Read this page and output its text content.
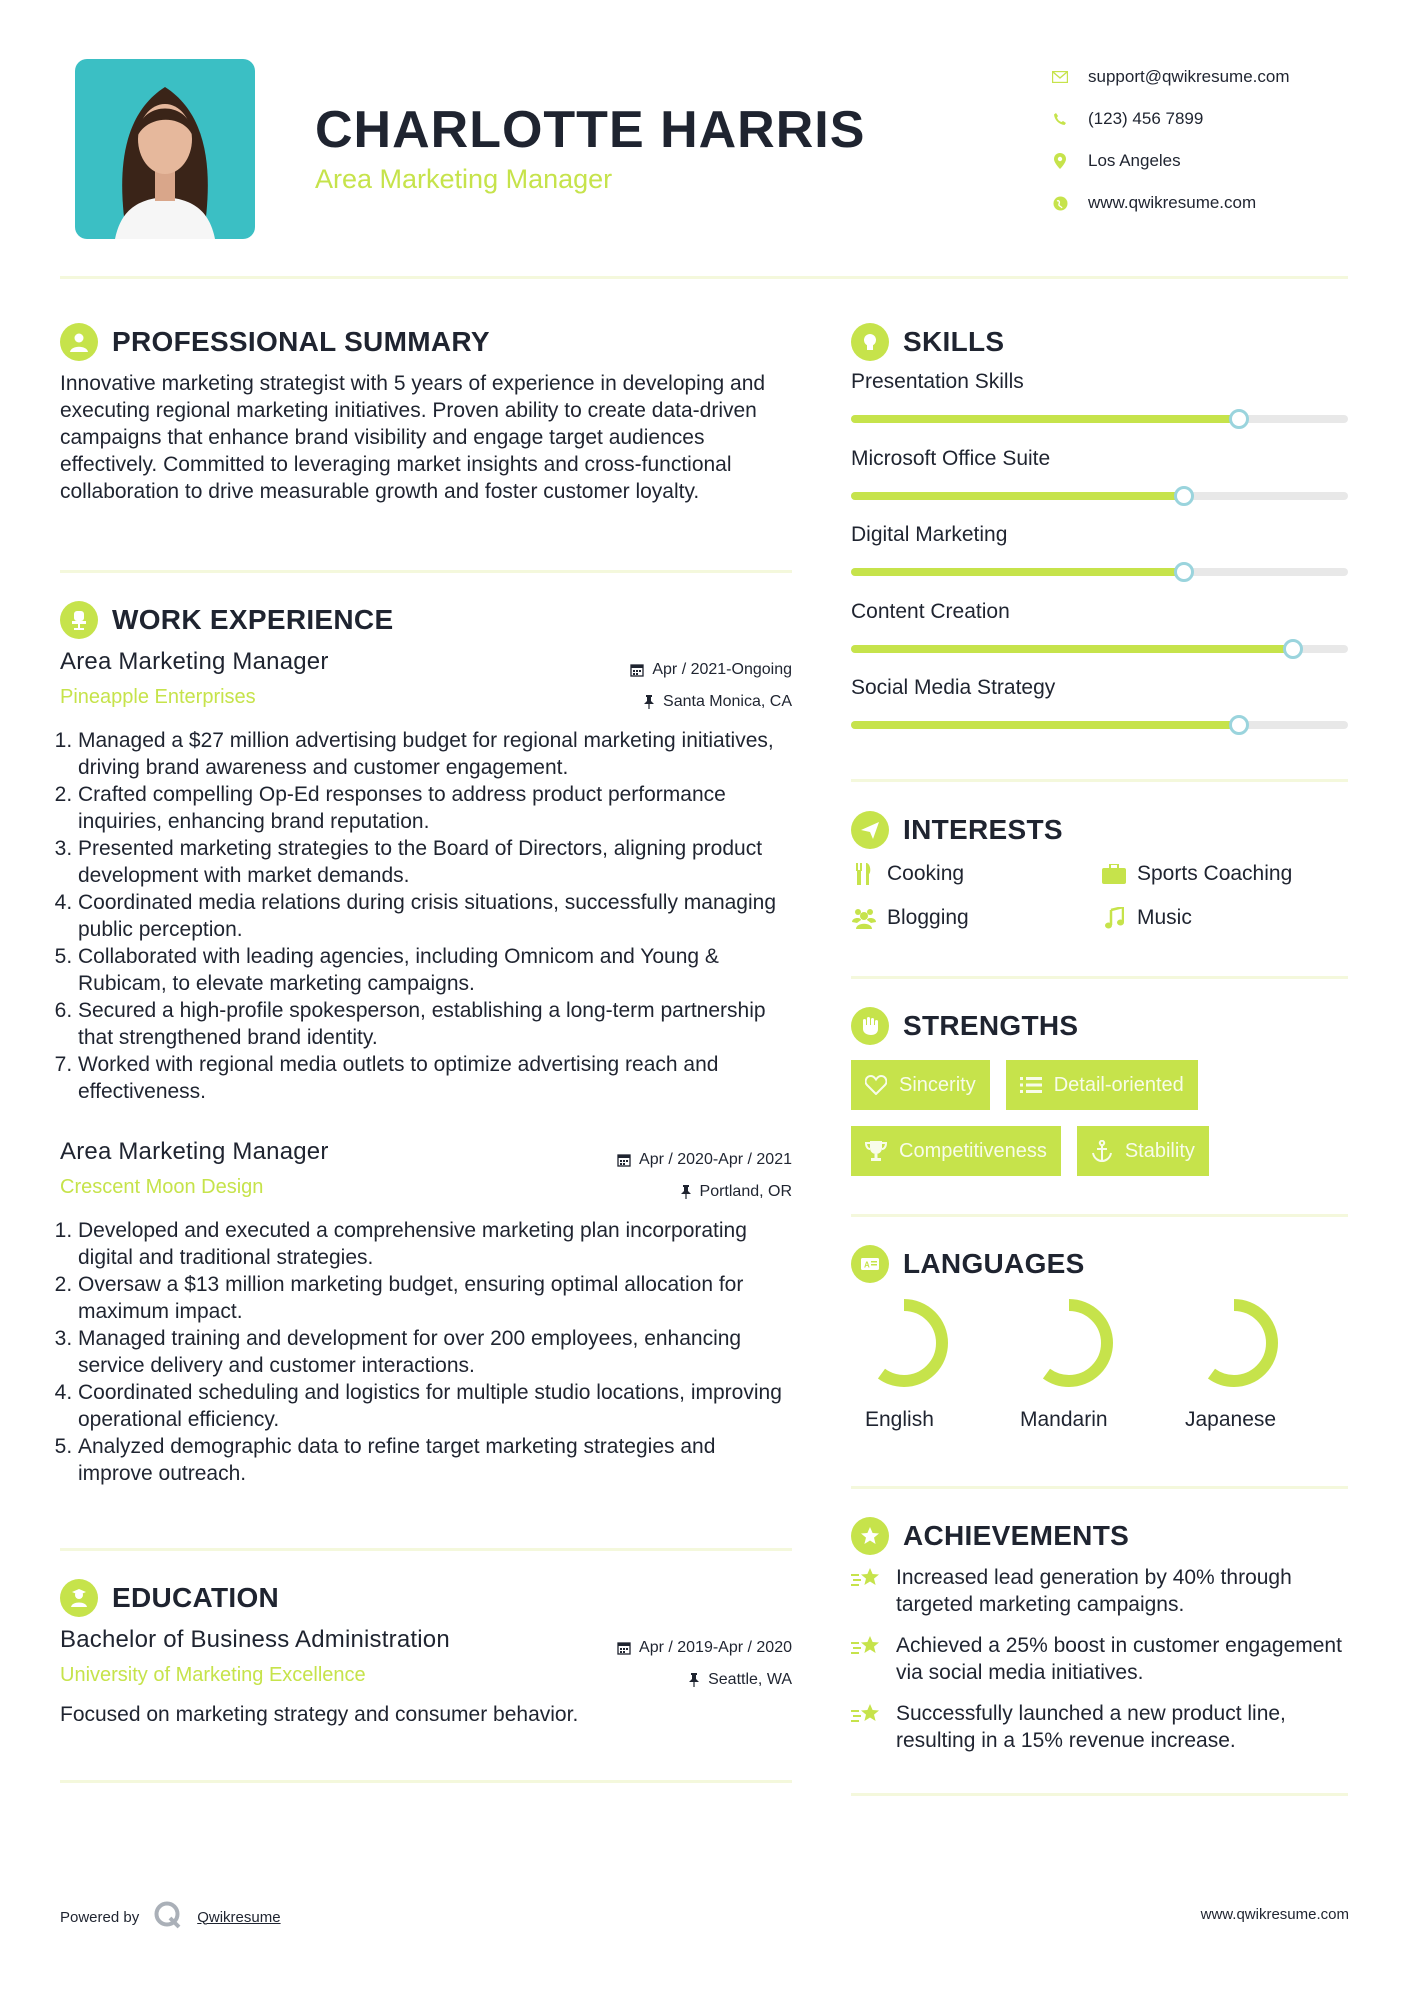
CHARLOTTE HARRIS
Area Marketing Manager
support@qwikresume.com
(123) 456 7899
Los Angeles
www.qwikresume.com
PROFESSIONAL SUMMARY
Innovative marketing strategist with 5 years of experience in developing and executing regional marketing initiatives. Proven ability to create data-driven campaigns that enhance brand visibility and engage target audiences effectively. Committed to leveraging market insights and cross-functional collaboration to drive measurable growth and foster customer loyalty.
WORK EXPERIENCE
Area Marketing Manager
Pineapple Enterprises
Apr / 2021-Ongoing
Santa Monica, CA
1. Managed a $27 million advertising budget for regional marketing initiatives, driving brand awareness and customer engagement.
2. Crafted compelling Op-Ed responses to address product performance inquiries, enhancing brand reputation.
3. Presented marketing strategies to the Board of Directors, aligning product development with market demands.
4. Coordinated media relations during crisis situations, successfully managing public perception.
5. Collaborated with leading agencies, including Omnicom and Young & Rubicam, to elevate marketing campaigns.
6. Secured a high-profile spokesperson, establishing a long-term partnership that strengthened brand identity.
7. Worked with regional media outlets to optimize advertising reach and effectiveness.
Area Marketing Manager
Crescent Moon Design
Apr / 2020-Apr / 2021
Portland, OR
1. Developed and executed a comprehensive marketing plan incorporating digital and traditional strategies.
2. Oversaw a $13 million marketing budget, ensuring optimal allocation for maximum impact.
3. Managed training and development for over 200 employees, enhancing service delivery and customer interactions.
4. Coordinated scheduling and logistics for multiple studio locations, improving operational efficiency.
5. Analyzed demographic data to refine target marketing strategies and improve outreach.
EDUCATION
Bachelor of Business Administration
University of Marketing Excellence
Apr / 2019-Apr / 2020
Seattle, WA
Focused on marketing strategy and consumer behavior.
SKILLS
Presentation Skills
Microsoft Office Suite
Digital Marketing
Content Creation
Social Media Strategy
INTERESTS
Cooking	Sports Coaching
Blogging	Music
STRENGTHS
Sincerity	Detail-oriented
Competitiveness	Stability
A LANGUAGES
English	Mandarin	Japanese
ACHIEVEMENTS
Increased lead generation by 40% through targeted marketing campaigns.
Achieved a 25% boost in customer engagement via social media initiatives.
Successfully launched a new product line, resulting in a 15% revenue increase.
Powered by	Qwikresume	www.qwikresume.com
